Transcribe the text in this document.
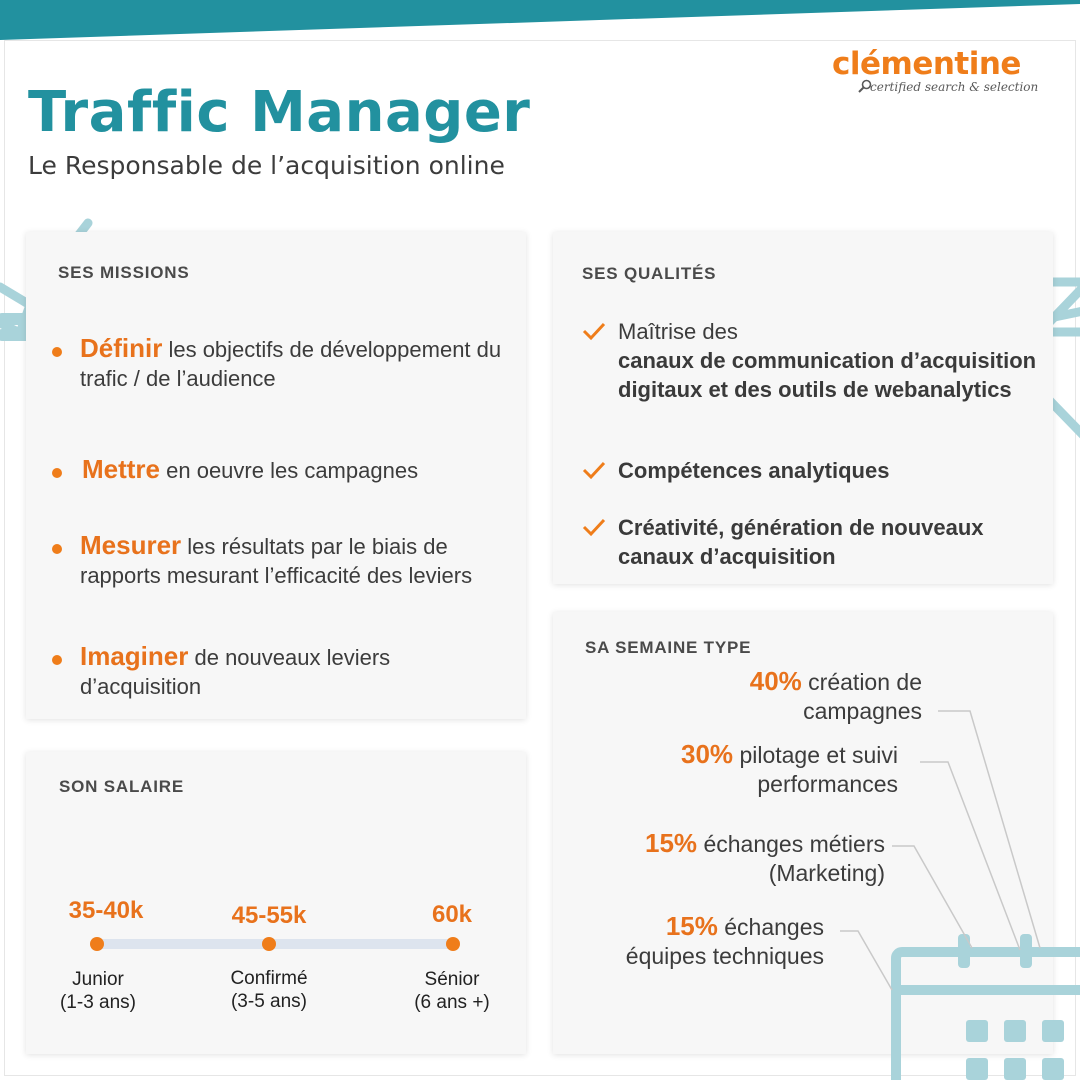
clémentine
certified search & selection
Traffic Manager
Le Responsable de l’acquisition online
SES MISSIONS
Définir les objectifs de développement du trafic / de l’audience
Mettre en oeuvre les campagnes
Mesurer les résultats par le biais de rapports mesurant l’efficacité des leviers
Imaginer de nouveaux leviers d’acquisition
SES QUALITÉS
Maîtrise des
canaux de communication d’acquisition digitaux et des outils de webanalytics
Compétences analytiques
Créativité, génération de nouveaux canaux d’acquisition
SON SALAIRE
35-40k	45-55k	60k
Junior
(1-3 ans)
Confirmé
(3-5 ans)
Sénior
(6 ans +)
SA SEMAINE TYPE
40% création de
campagnes
30% pilotage et suivi
performances
15% échanges métiers
(Marketing)
15% échanges
équipes techniques
